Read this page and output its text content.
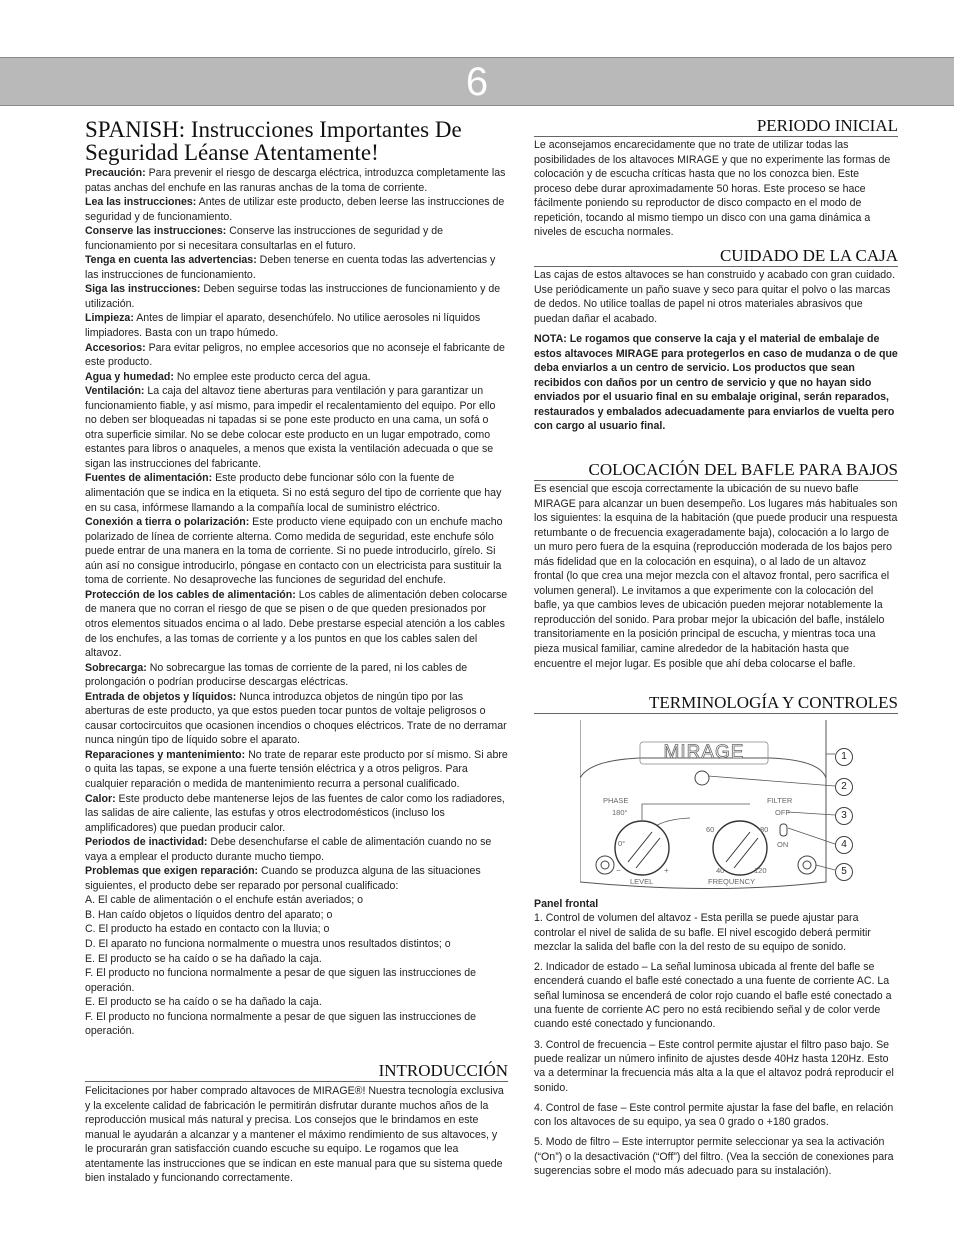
6
SPANISH: Instrucciones Importantes De Seguridad Léanse Atentamente!

Precaución: Para prevenir el riesgo de descarga eléctrica, introduzca completamente las patas anchas del enchufe en las ranuras anchas de la toma de corriente.

Lea las instrucciones: Antes de utilizar este producto, deben leerse las instrucciones de seguridad y de funcionamiento.

Conserve las instrucciones: Conserve las instrucciones de seguridad y de funcionamiento por si necesitara consultarlas en el futuro.

Tenga en cuenta las advertencias: Deben tenerse en cuenta todas las advertencias y las instrucciones de funcionamiento.

Siga las instrucciones: Deben seguirse todas las instrucciones de funcionamiento y de utilización.

Limpieza: Antes de limpiar el aparato, desenchúfelo. No utilice aerosoles ni líquidos limpiadores. Basta con un trapo húmedo.

Accesorios: Para evitar peligros, no emplee accesorios que no aconseje el fabricante de este producto.

Agua y humedad: No emplee este producto cerca del agua.

Ventilación: La caja del altavoz tiene aberturas para ventilación y para garantizar un funcionamiento fiable, y así mismo, para impedir el recalentamiento del equipo. Por ello no deben ser bloqueadas ni tapadas si se pone este producto en una cama, un sofá o otra superficie similar. No se debe colocar este producto en un lugar empotrado, como estantes para libros o anaqueles, a menos que exista la ventilación adecuada o que se sigan las instrucciones del fabricante.

Fuentes de alimentación: Este producto debe funcionar sólo con la fuente de alimentación que se indica en la etiqueta. Si no está seguro del tipo de corriente que hay en su casa, infórmese llamando a la compañía local de suministro eléctrico.

Conexión a tierra o polarización: Este producto viene equipado con un enchufe macho polarizado de línea de corriente alterna. Como medida de seguridad, este enchufe sólo puede entrar de una manera en la toma de corriente. Si no puede introducirlo, gírelo. Si aún así no consigue introducirlo, póngase en contacto con un electricista para sustituir la toma de corriente. No desaproveche las funciones de seguridad del enchufe.

Protección de los cables de alimentación: Los cables de alimentación deben colocarse de manera que no corran el riesgo de que se pisen o de que queden presionados por otros elementos situados encima o al lado. Debe prestarse especial atención a los cables de los enchufes, a las tomas de corriente y a los puntos en que los cables salen del altavoz.

Sobrecarga: No sobrecargue las tomas de corriente de la pared, ni los cables de prolongación o podrían producirse descargas eléctricas.

Entrada de objetos y líquidos: Nunca introduzca objetos de ningún tipo por las aberturas de este producto, ya que estos pueden tocar puntos de voltaje peligrosos o causar cortocircuitos que ocasionen incendios o choques eléctricos. Trate de no derramar nunca ningún tipo de líquido sobre el aparato.

Reparaciones y mantenimiento: No trate de reparar este producto por sí mismo. Si abre o quita las tapas, se expone a una fuerte tensión eléctrica y a otros peligros. Para cualquier reparación o medida de mantenimiento recurra a personal cualificado.

Calor: Este producto debe mantenerse lejos de las fuentes de calor como los radiadores, las salidas de aire caliente, las estufas y otros electrodomésticos (incluso los amplificadores) que puedan producir calor.

Periodos de inactividad: Debe desenchufarse el cable de alimentación cuando no se vaya a emplear el producto durante mucho tiempo.

Problemas que exigen reparación: Cuando se produzca alguna de las situaciones siguientes, el producto debe ser reparado por personal cualificado:

A. El cable de alimentación o el enchufe están averiados; o

B. Han caído objetos o líquidos dentro del aparato; o

C. El producto ha estado en contacto con la lluvia; o

D. El aparato no funciona normalmente o muestra unos resultados distintos; o

E. El producto se ha caído o se ha dañado la caja.

F. El producto no funciona normalmente a pesar de que siguen las instrucciones de operación.

E. El producto se ha caído o se ha dañado la caja.

F. El producto no funciona normalmente a pesar de que siguen las instrucciones de operación.

INTRODUCCIÓN

Felicitaciones por haber comprado altavoces de MIRAGE®! Nuestra tecnología exclusiva y la excelente calidad de fabricación le permitirán disfrutar durante muchos años de la reproducción musical más natural y precisa. Los consejos que le brindamos en este manual le ayudarán a alcanzar y a mantener el máximo rendimiento de sus altavoces, y le procurarán gran satisfacción cuando escuche su equipo. Le rogamos que lea atentamente las instrucciones que se indican en este manual para que su sistema quede bien instalado y funcionando correctamente.

PERIODO INICIAL

Le aconsejamos encarecidamente que no trate de utilizar todas las posibilidades de los altavoces MIRAGE y que no experimente las formas de colocación y de escucha críticas hasta que no los conozca bien. Este proceso debe durar aproximadamente 50 horas. Este proceso se hace fácilmente poniendo su reproductor de disco compacto en el modo de repetición, tocando al mismo tiempo un disco con una gama dinámica a niveles de escucha normales.

CUIDADO DE LA CAJA

Las cajas de estos altavoces se han construido y acabado con gran cuidado. Use periódicamente un paño suave y seco para quitar el polvo o las marcas de dedos. No utilice toallas de papel ni otros materiales abrasivos que puedan dañar el acabado.

NOTA: Le rogamos que conserve la caja y el material de embalaje de estos altavoces MIRAGE para protegerlos en caso de mudanza o de que deba enviarlos a un centro de servicio. Los productos que sean recibidos con daños por un centro de servicio y que no hayan sido enviados por el usuario final en su embalaje original, serán reparados, restaurados y embalados adecuadamente para enviarlos de vuelta pero con cargo al usuario final.

COLOCACIÓN DEL BAFLE PARA BAJOS

Es esencial que escoja correctamente la ubicación de su nuevo bafle MIRAGE para alcanzar un buen desempeño. Los lugares más habituales son los siguientes: la esquina de la habitación (que puede producir una respuesta retumbante o de frecuencia exageradamente baja), colocación a lo largo de un muro pero fuera de la esquina (reproducción moderada de los bajos pero más fidelidad que en la colocación en esquina), o al lado de un altavoz frontal (lo que crea una mejor mezcla con el altavoz frontal, pero sacrifica el volumen general). Le invitamos a que experimente con la colocación del bafle, ya que cambios leves de ubicación pueden mejorar notablemente la reproducción del sonido. Para probar mejor la ubicación del bafle, instálelo transitoriamente en la posición principal de escucha, y mientras toca una pieza musical familiar, camine alrededor de la habitación hasta que encuentre el mejor lugar. Es posible que ahí deba colocarse el bafle.

TERMINOLOGÍA Y CONTROLES
MIRAGE
PHASE
180°
0°
FILTER
OFF
ON
60	80
40	120
−	+
LEVEL	FREQUENCY
1
2
3
4
5

Panel frontal

1. Control de volumen del altavoz - Esta perilla se puede ajustar para controlar el nivel de salida de su bafle. El nivel escogido deberá permitir mezclar la salida del bafle con la del resto de su equipo de sonido.

2. Indicador de estado – La señal luminosa ubicada al frente del bafle se encenderá cuando el bafle esté conectado a una fuente de corriente AC. La señal luminosa se encenderá de color rojo cuando el bafle esté conectado a una fuente de corriente AC pero no está recibiendo señal y de color verde cuando esté conectado y funcionando.

3. Control de frecuencia – Este control permite ajustar el filtro paso bajo. Se puede realizar un número infinito de ajustes desde 40Hz hasta 120Hz. Esto va a determinar la frecuencia más alta a la que el altavoz podrá reproducir el sonido.

4. Control de fase – Este control permite ajustar la fase del bafle, en relación con los altavoces de su equipo, ya sea 0 grado o +180 grados.

5. Modo de filtro – Este interruptor permite seleccionar ya sea la activación (“On”) o la desactivación (“Off”) del filtro. (Vea la sección de conexiones para sugerencias sobre el modo más adecuado para su instalación).
